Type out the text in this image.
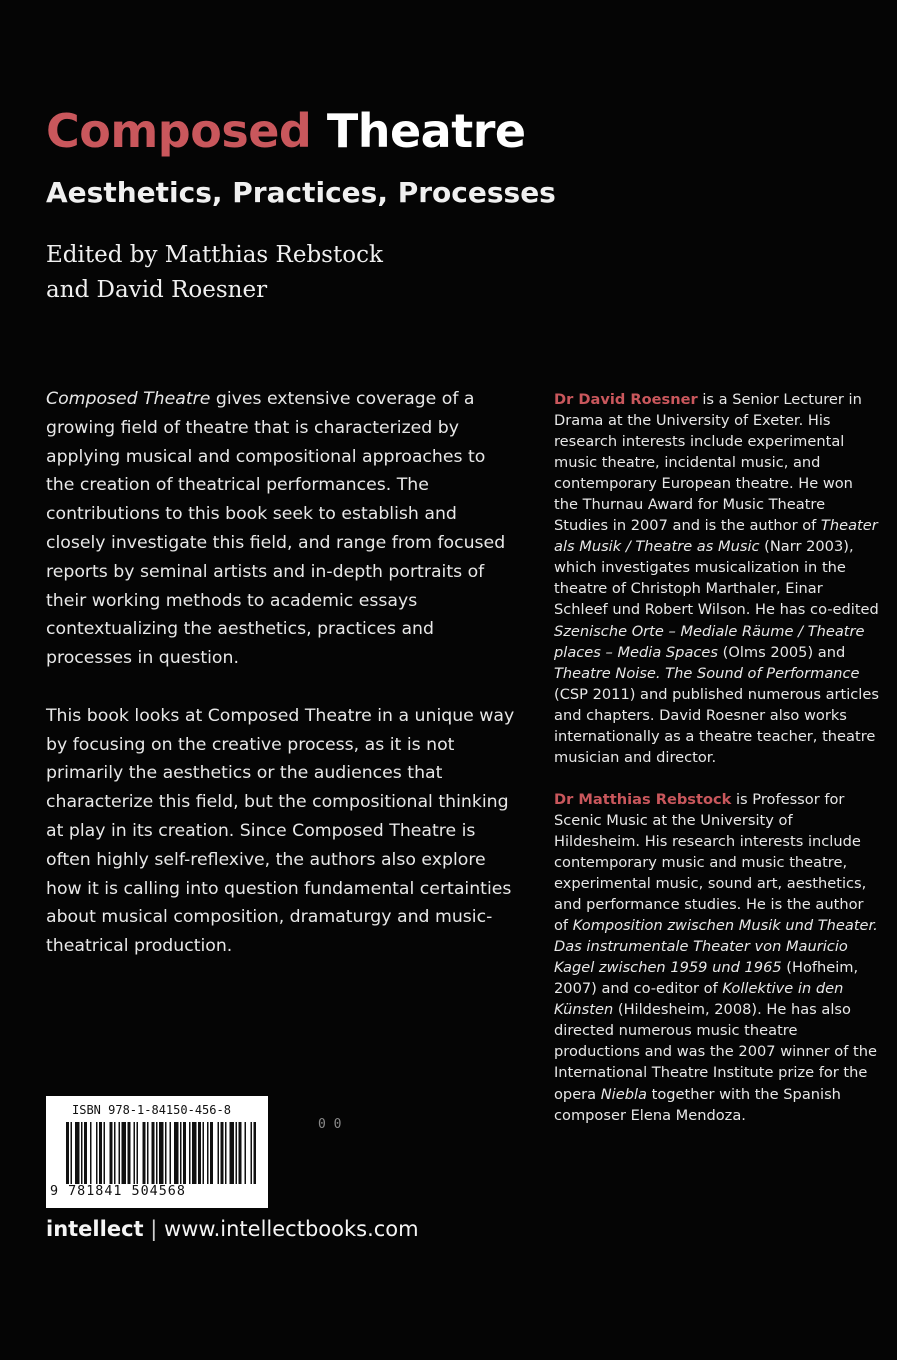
Composed Theatre
Aesthetics, Practices, Processes
Edited by Matthias Rebstock
and David Roesner

Composed Theatre gives extensive coverage of a growing field of theatre that is characterized by applying musical and compositional approaches to the creation of theatrical performances. The contributions to this book seek to establish and closely investigate this field, and range from focused reports by seminal artists and in-depth portraits of their working methods to academic essays contextualizing the aesthetics, practices and processes in question.

This book looks at Composed Theatre in a unique way by focusing on the creative process, as it is not primarily the aesthetics or the audiences that characterize this field, but the compositional thinking at play in its creation. Since Composed Theatre is often highly self-reflexive, the authors also explore how it is calling into question fundamental certainties about musical composition, dramaturgy and music-theatrical production.

Dr David Roesner is a Senior Lecturer in Drama at the University of Exeter. His research interests include experimental music theatre, incidental music, and contemporary European theatre. He won the Thurnau Award for Music Theatre Studies in 2007 and is the author of Theater als Musik / Theatre as Music (Narr 2003), which investigates musicalization in the theatre of Christoph Marthaler, Einar Schleef und Robert Wilson. He has co-edited Szenische Orte – Mediale Räume / Theatre places – Media Spaces (Olms 2005) and Theatre Noise. The Sound of Performance (CSP 2011) and published numerous articles and chapters. David Roesner also works internationally as a theatre teacher, theatre musician and director.

Dr Matthias Rebstock is Professor for Scenic Music at the University of Hildesheim. His research interests include contemporary music and music theatre, experimental music, sound art, aesthetics, and performance studies. He is the author of Komposition zwischen Musik und Theater. Das instrumentale Theater von Mauricio Kagel zwischen 1959 und 1965 (Hofheim, 2007) and co-editor of Kollektive in den Künsten (Hildesheim, 2008). He has also directed numerous music theatre productions and was the 2007 winner of the International Theatre Institute prize for the opera Niebla together with the Spanish composer Elena Mendoza.

ISBN 978-1-84150-456-8
9 781841 504568
0 0
intellect | www.intellectbooks.com
